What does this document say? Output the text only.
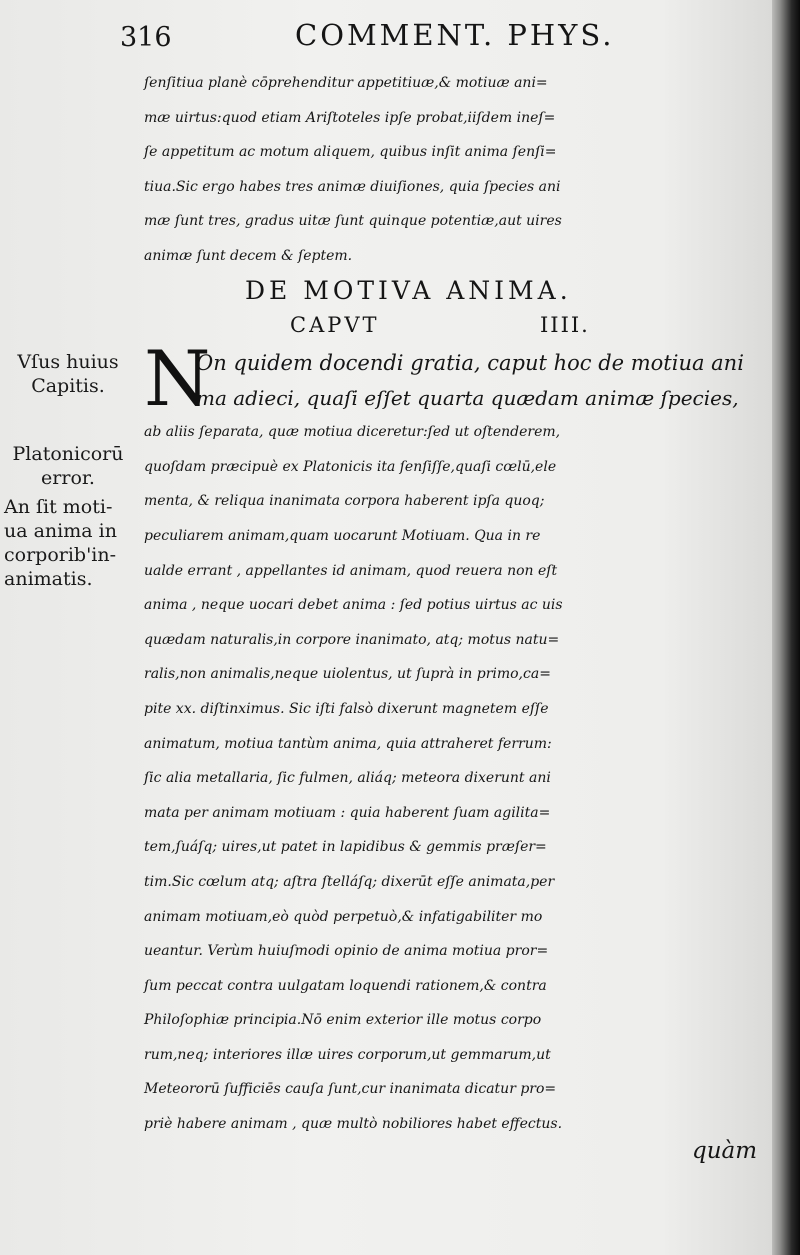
316	COMMENT. PHYS.
ſenſitiua planè cōprehenditur appetitiuæ,& motiuæ ani=
mæ uirtus:quod etiam Ariſtoteles ipſe probat,iiſdem ineſ=
ſe appetitum ac motum aliquem, quibus inſit anima ſenſi=
tiua.Sic ergo habes tres animæ diuiſiones, quia ſpecies ani
mæ ſunt tres, gradus uitæ ſunt quinque potentiæ,aut uires
animæ ſunt decem & ſeptem.
DE MOTIVA ANIMA.
CAPVT	IIII.
Vſus huius
Capitis.
Platonicorū
error.
An ſit moti-
ua anima in
corporib'in-
animatis.
N
On quidem docendi gratia, caput hoc de motiua ani
ma adieci, quaſi eſſet quarta quædam animæ ſpecies,
ab aliis ſeparata, quæ motiua diceretur:ſed ut oſtenderem,
quoſdam præcipuè ex Platonicis ita ſenſiſſe,quaſi cœlū,ele
menta, & reliqua inanimata corpora haberent ipſa quoq;
peculiarem animam,quam uocarunt Motiuam. Qua in re
ualde errant , appellantes id animam, quod reuera non eſt
anima , neque uocari debet anima : ſed potius uirtus ac uis
quædam naturalis,in corpore inanimato, atq; motus natu=
ralis,non animalis,neque uiolentus, ut ſuprà in primo,ca=
pite xx. diſtinximus. Sic iſti falsò dixerunt magnetem eſſe
animatum, motiua tantùm anima, quia attraheret ferrum:
ſic alia metallaria, ſic fulmen, aliáq; meteora dixerunt ani
mata per animam motiuam : quia haberent ſuam agilita=
tem,ſuáſq; uires,ut patet in lapidibus & gemmis præſer=
tim.Sic cœlum atq; aſtra ſtelláſq; dixerūt eſſe animata,per
animam motiuam,eò quòd perpetuò,& infatigabiliter mo
ueantur. Verùm huiuſmodi opinio de anima motiua pror=
ſum peccat contra uulgatam loquendi rationem,& contra
Philoſophiæ principia.Nō enim exterior ille motus corpo
rum,neq; interiores illæ uires corporum,ut gemmarum,ut
Meteororū ſufficiēs cauſa ſunt,cur inanimata dicatur pro=
priè habere animam , quæ multò nobiliores habet effectus.
quàm
